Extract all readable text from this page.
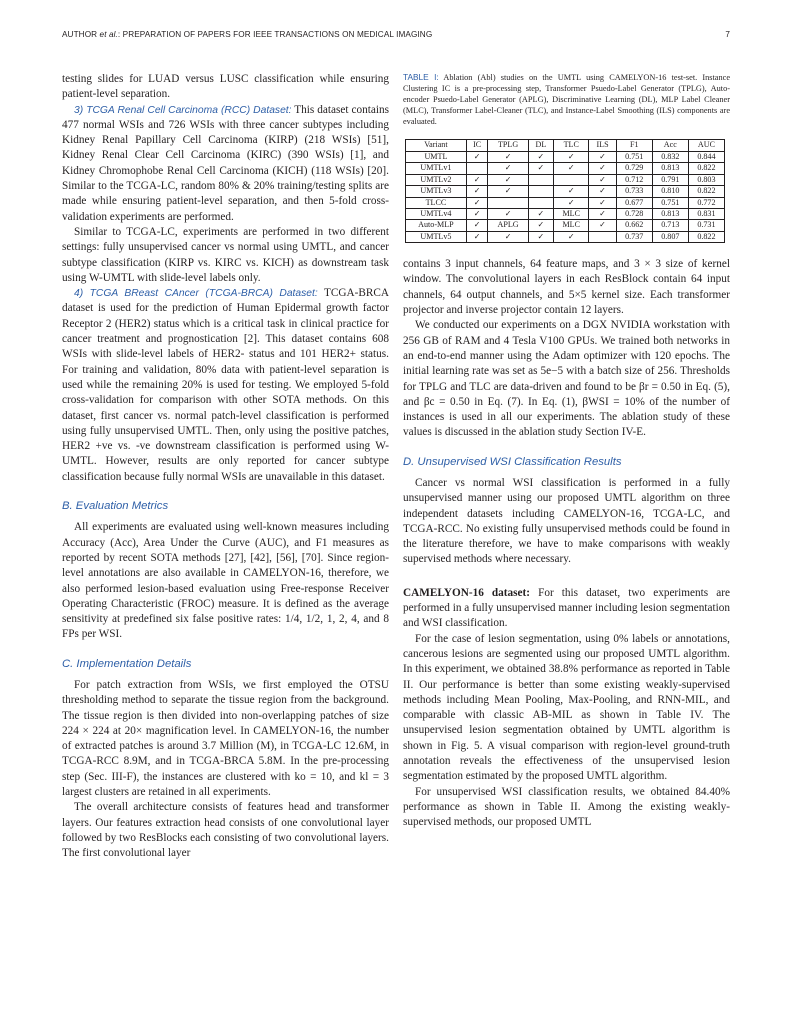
AUTHOR et al.: PREPARATION OF PAPERS FOR IEEE TRANSACTIONS ON MEDICAL IMAGING	7

testing slides for LUAD versus LUSC classification while ensuring patient-level separation.

3) TCGA Renal Cell Carcinoma (RCC) Dataset: This dataset contains 477 normal WSIs and 726 WSIs with three cancer subtypes including Kidney Renal Papillary Cell Carcinoma (KIRP) (218 WSIs) [51], Kidney Renal Clear Cell Carcinoma (KIRC) (390 WSIs) [1], and Kidney Chromophobe Renal Cell Carcinoma (KICH) (118 WSIs) [20]. Similar to the TCGA-LC, random 80% & 20% training/testing splits are made while ensuring patient-level separation, and then 5-fold cross-validation experiments are performed.

Similar to TCGA-LC, experiments are performed in two different settings: fully unsupervised cancer vs normal using UMTL, and cancer subtype classification (KIRP vs. KIRC vs. KICH) as downstream task using W-UMTL with slide-level labels only.

4) TCGA BReast CAncer (TCGA-BRCA) Dataset: TCGA-BRCA dataset is used for the prediction of Human Epidermal growth factor Receptor 2 (HER2) status which is a critical task in clinical practice for cancer treatment and prognostication [2]. This dataset contains 608 WSIs with slide-level labels of HER2- status and 101 HER2+ status. For training and validation, 80% data with patient-level separation is used while the remaining 20% is used for testing. We employed 5-fold cross-validation for comparison with other SOTA methods. On this dataset, first cancer vs. normal patch-level classification is performed using fully unsupervised UMTL. Then, only using the positive patches, HER2 +ve vs. -ve downstream classification is performed using W-UMTL. However, results are only reported for cancer subtype classification because fully normal WSIs are unavailable in this dataset.

B. Evaluation Metrics

All experiments are evaluated using well-known measures including Accuracy (Acc), Area Under the Curve (AUC), and F1 measures as reported by recent SOTA methods [27], [42], [56], [70]. Since region-level annotations are also available in CAMELYON-16, therefore, we also performed lesion-based evaluation using Free-response Receiver Operating Characteristic (FROC) measure. It is defined as the average sensitivity at predefined six false positive rates: 1/4, 1/2, 1, 2, 4, and 8 FPs per WSI.

C. Implementation Details

For patch extraction from WSIs, we first employed the OTSU thresholding method to separate the tissue region from the background. The tissue region is then divided into non-overlapping patches of size 224 × 224 at 20× magnification level. In CAMELYON-16, the number of extracted patches is around 3.7 Million (M), in TCGA-LC 12.6M, in TCGA-RCC 8.9M, and in TCGA-BRCA 5.8M. In the pre-processing step (Sec. III-F), the instances are clustered with ko = 10, and kl = 3 largest clusters are retained in all experiments.

The overall architecture consists of features head and transformer layers. Our features extraction head consists of one convolutional layer followed by two ResBlocks each consisting of two convolutional layers. The first convolutional layer

TABLE I: Ablation (Abl) studies on the UMTL using CAMELYON-16 test-set. Instance Clustering IC is a pre-processing step, Transformer Psuedo-Label Generator (TPLG), Auto-encoder Psuedo-Label Generator (APLG), Discriminative Learning (DL), MLP Label Cleaner (MLC), Transformer Label-Cleaner (TLC), and Instance-Label Smoothing (ILS) components are evaluated.
Variant	IC	TPLG	DL	TLC	ILS	F1	Acc	AUC
UMTL	✓	✓	✓	✓	✓	0.751	0.832	0.844
UMTLv1		✓	✓	✓	✓	0.729	0.813	0.822
UMTLv2	✓	✓			✓	0.712	0.791	0.803
UMTLv3	✓	✓		✓	✓	0.733	0.810	0.822
TLCC	✓			✓	✓	0.677	0.751	0.772
UMTLv4	✓	✓	✓	MLC	✓	0.728	0.813	0.831
Auto-MLP	✓	APLG	✓	MLC	✓	0.662	0.713	0.731
UMTLv5	✓	✓	✓	✓		0.737	0.807	0.822

contains 3 input channels, 64 feature maps, and 3 × 3 size of kernel window. The convolutional layers in each ResBlock contain 64 input channels, 64 output channels, and 5×5 kernel size. Each transformer projector and inverse projector contain 12 layers.

We conducted our experiments on a DGX NVIDIA workstation with 256 GB of RAM and 4 Tesla V100 GPUs. We trained both networks in an end-to-end manner using the Adam optimizer with 120 epochs. The initial learning rate was set as 5e−5 with a batch size of 256. Thresholds for TPLG and TLC are data-driven and found to be βr = 0.50 in Eq. (5), and βc = 0.50 in Eq. (7). In Eq. (1), βWSI = 10% of the number of instances is used in all our experiments. The ablation study of these values is discussed in the ablation study Section IV-E.

D. Unsupervised WSI Classification Results

Cancer vs normal WSI classification is performed in a fully unsupervised manner using our proposed UMTL algorithm on three independent datasets including CAMELYON-16, TCGA-LC, and TCGA-RCC. No existing fully unsupervised methods could be found in the literature therefore, we have to make comparisons with weakly supervised methods where necessary.

CAMELYON-16 dataset: For this dataset, two experiments are performed in a fully unsupervised manner including lesion segmentation and WSI classification.

For the case of lesion segmentation, using 0% labels or annotations, cancerous lesions are segmented using our proposed UMTL algorithm. In this experiment, we obtained 38.8% performance as reported in Table II. Our performance is better than some existing weakly-supervised methods including Mean Pooling, Max-Pooling, and RNN-MIL, and comparable with classic AB-MIL as shown in Table IV. The unsupervised lesion segmentation obtained by UMTL algorithm is shown in Fig. 5. A visual comparison with region-level ground-truth annotation reveals the effectiveness of the unsupervised lesion segmentation estimated by the proposed UMTL algorithm.

For unsupervised WSI classification results, we obtained 84.40% performance as shown in Table II. Among the existing weakly-supervised methods, our proposed UMTL
